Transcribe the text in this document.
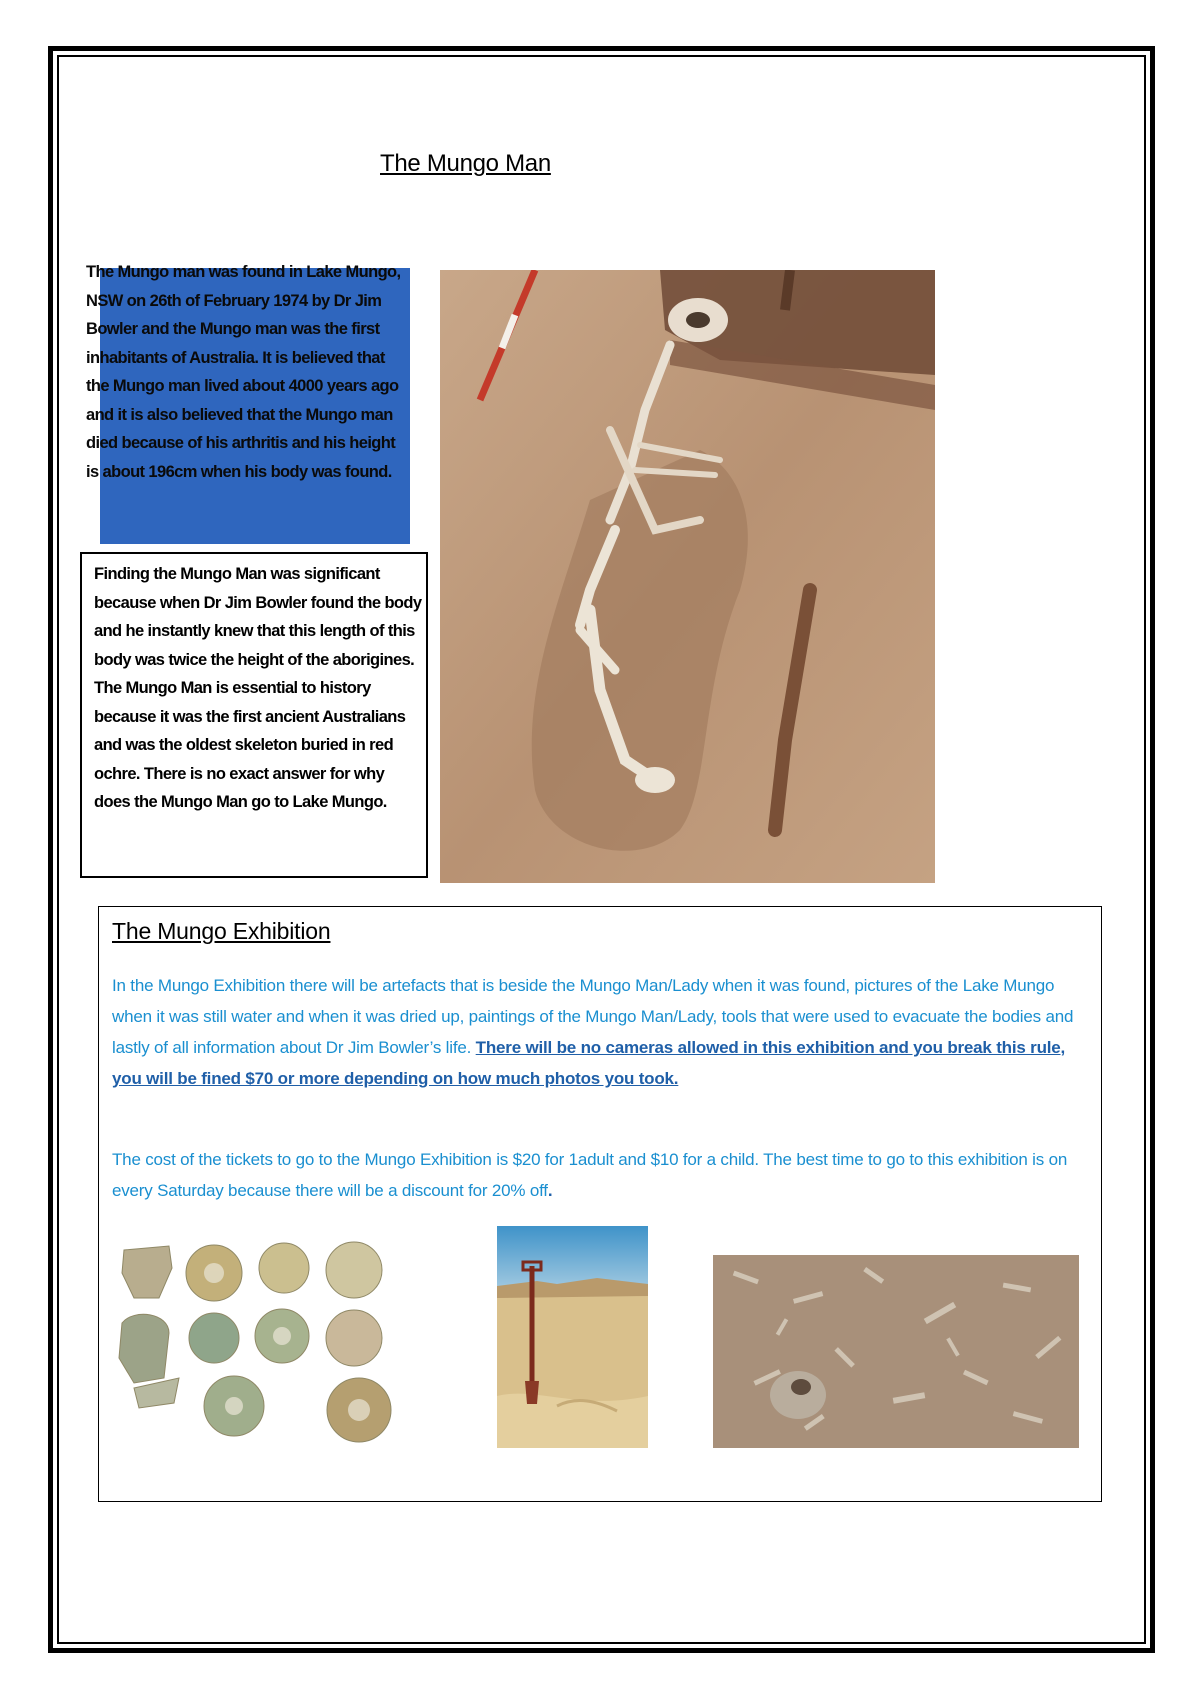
The Mungo Man
The Mungo man was found in Lake Mungo, NSW on 26th of February 1974 by Dr Jim Bowler and the Mungo man was the first inhabitants of Australia. It is believed that the Mungo man lived about 4000 years ago and it is also believed that the Mungo man died because of his arthritis and his height is about 196cm when his body was found.
Finding the Mungo Man was significant because when Dr Jim Bowler found the body and he instantly knew that this length of this body was twice the height of the aborigines. The Mungo Man is essential to history because it was the first ancient Australians and was the oldest skeleton buried in red ochre. There is no exact answer for why does the Mungo Man go to Lake Mungo.
The Mungo Exhibition
In the Mungo Exhibition there will be artefacts that is beside the Mungo Man/Lady when it was found, pictures of the Lake Mungo when it was still water and when it was dried up, paintings of the Mungo Man/Lady, tools that were used to evacuate the bodies and lastly of all information about Dr Jim Bowler’s life. There will be no cameras allowed in this exhibition and you break this rule, you will be fined $70 or more depending on how much photos you took.
The cost of the tickets to go to the Mungo Exhibition is $20 for 1adult and $10 for a child. The best time to go to this exhibition is on every Saturday because there will be a discount for 20% off.
